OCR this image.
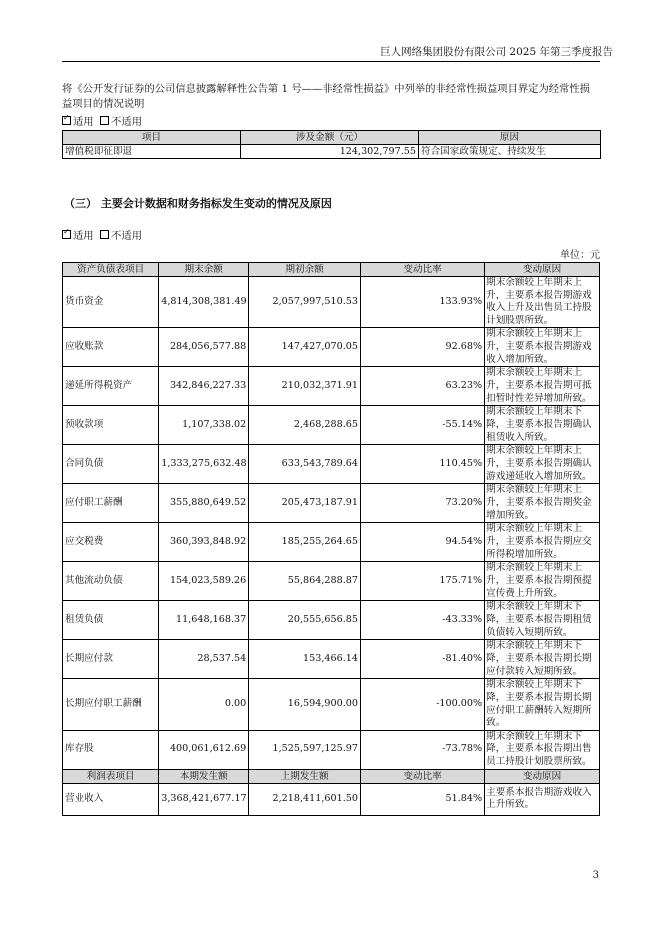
巨人网络集团股份有限公司 2025 年第三季度报告
将《公开发行证券的公司信息披露解释性公告第 1 号——非经常性损益》中列举的非经常性损益项目界定为经常性损益项目的情况说明
✓适用 不适用
项目	涉及金额（元）	原因
增值税即征即退	124,302,797.55	符合国家政策规定、持续发生
（三） 主要会计数据和财务指标发生变动的情况及原因
✓适用 不适用
单位：元
资产负债表项目	期末余额	期初余额	变动比率	变动原因
货币资金	4,814,308,381.49	2,057,997,510.53	133.93%	期末余额较上年期末上升，主要系本报告期游戏收入上升及出售员工持股计划股票所致。
应收账款	284,056,577.88	147,427,070.05	92.68%	期末余额较上年期末上升，主要系本报告期游戏收入增加所致。
递延所得税资产	342,846,227.33	210,032,371.91	63.23%	期末余额较上年期末上升，主要系本报告期可抵扣暂时性差异增加所致。
预收款项	1,107,338.02	2,468,288.65	-55.14%	期末余额较上年期末下降，主要系本报告期确认租赁收入所致。
合同负债	1,333,275,632.48	633,543,789.64	110.45%	期末余额较上年期末上升，主要系本报告期确认游戏递延收入增加所致。
应付职工薪酬	355,880,649.52	205,473,187.91	73.20%	期末余额较上年期末上升，主要系本报告期奖金增加所致。
应交税费	360,393,848.92	185,255,264.65	94.54%	期末余额较上年期末上升，主要系本报告期应交所得税增加所致。
其他流动负债	154,023,589.26	55,864,288.87	175.71%	期末余额较上年期末上升，主要系本报告期预提宣传费上升所致。
租赁负债	11,648,168.37	20,555,656.85	-43.33%	期末余额较上年期末下降，主要系本报告期租赁负债转入短期所致。
长期应付款	28,537.54	153,466.14	-81.40%	期末余额较上年期末下降，主要系本报告期长期应付款转入短期所致。
长期应付职工薪酬	0.00	16,594,900.00	-100.00%	期末余额较上年期末下降，主要系本报告期长期应付职工薪酬转入短期所致。
库存股	400,061,612.69	1,525,597,125.97	-73.78%	期末余额较上年期末下降，主要系本报告期出售员工持股计划股票所致。
利润表项目	本期发生额	上期发生额	变动比率	变动原因
营业收入	3,368,421,677.17	2,218,411,601.50	51.84%	主要系本报告期游戏收入上升所致。
3
